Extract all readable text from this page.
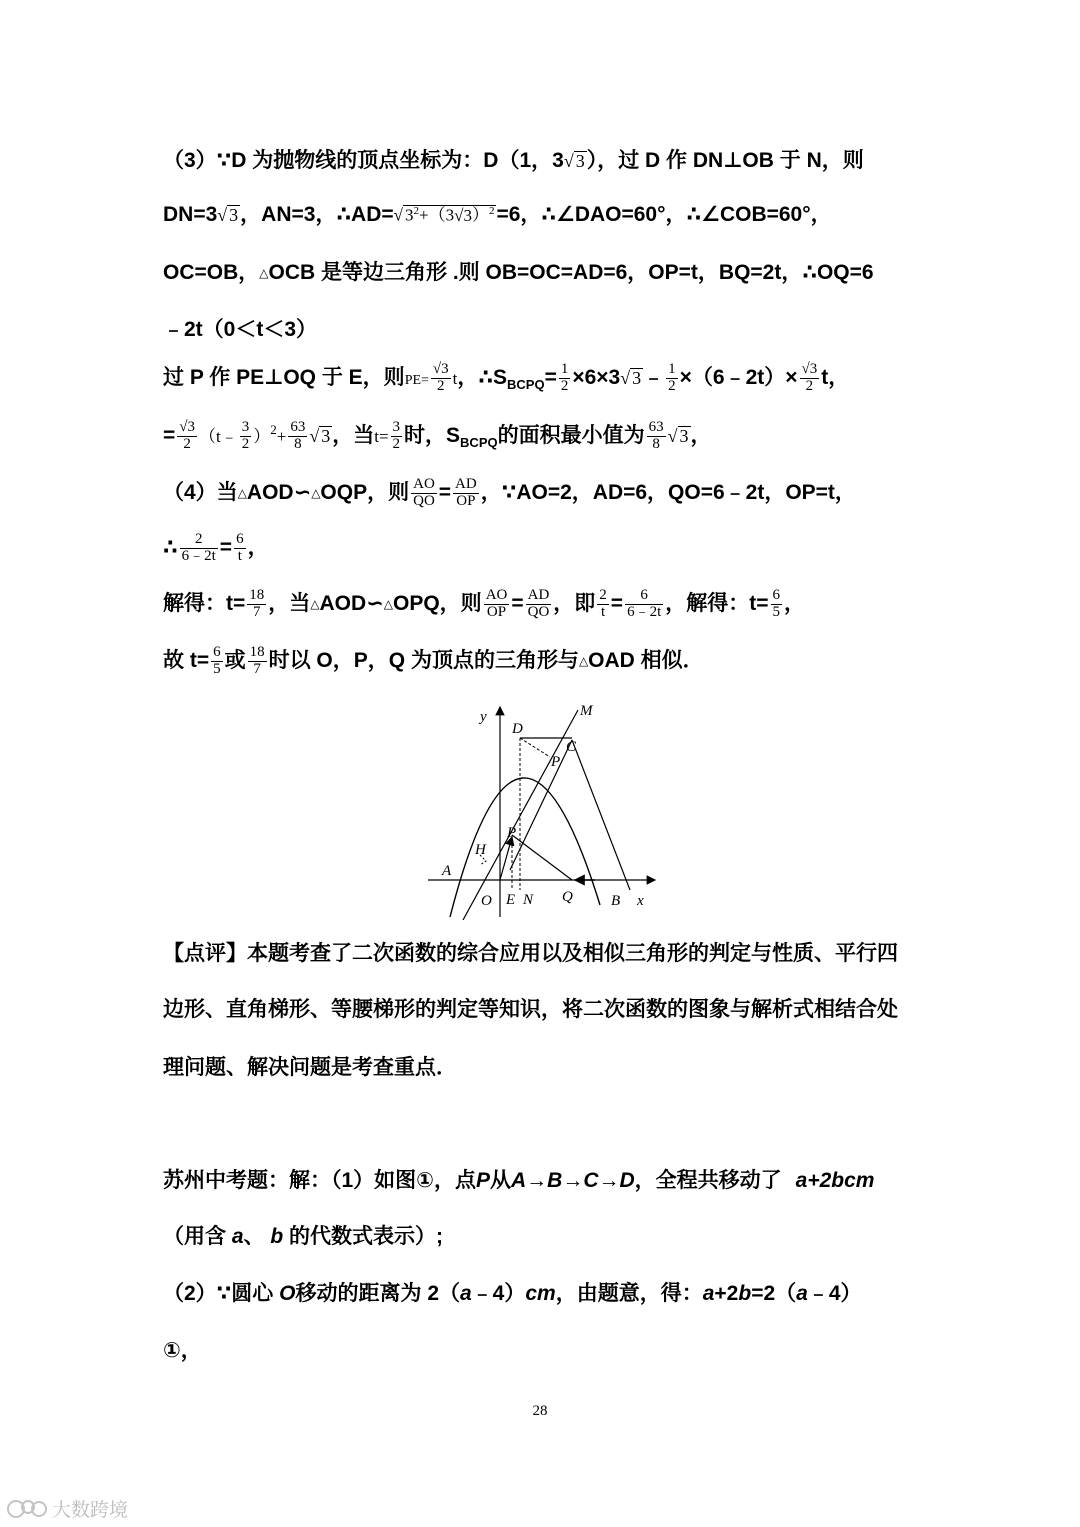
（3）∵D 为抛物线的顶点坐标为：D（1，3√ 3），过 D 作 DN⊥OB 于 N，则
DN=3√ 3，AN=3，∴AD=√ $3^2+(3√3)^2=6$，∴∠DAO=60°，∴∠COB=60°，
OC=OB，△OCB 是等边三角形 .则 OB=OC=AD=6，OP=t，BQ=2t，∴OQ=6
﹣2t（0＜t＜3）
过 P 作 PE⊥OQ 于 E，则$PE= \frac{√3}{2}$ t，$\therefore S_{BCPQ}= \frac{1}{2} \times 6\times 3√$ 3﹣ $\frac{1}{2}$ ×（6﹣2t）× $\frac{√3}{2}$ t，
= $\frac{√3}{2}$ （t﹣ $\frac{3}{2} )^2+ \frac{63}{8}$ √ 3，当$t= \frac{3}{2}$ 时，$S_{BCPQ}$的面积最小值为 $\frac{63}{8}$ √ 3，
（4）当△AOD∽△OQP，则 $\frac{AO}{QO} = \frac{AD}{OP}$ ，∵AO=2，AD=6，QO=6﹣2t，OP=t，
∴ $\frac{2}{6﹣2t} = \frac{6}{t}$ ，
解得：$t= \frac{18}{7}$ ，当△AOD∽△OPQ，则 $\frac{AO}{OP} = \frac{AD}{QO}$ ，即 $\frac{2}{t} = \frac{6}{6﹣2t}$ ，解得：$t= \frac{6}{5}$ ，
故 $t= \frac{6}{5}$ 或 $\frac{18}{7}$ 时以 O，P，Q 为顶点的三角形与△OAD 相似．
y	M
D
C
P
P
H
A
O E N Q	B x
【点评】本题考查了二次函数的综合应用以及相似三角形的判定与性质、平行四
边形、直角梯形、等腰梯形的判定等知识，将二次函数的图象与解析式相结合处
理问题、解决问题是考查重点．
苏州中考题：解：（1）如图①，点P从A→B→C→D，全程共移动了 a+2bcm
（用含 a、 b 的代数式表示）;
（2）∵圆心 O移动的距离为 2（a﹣4）cm，由题意，得：a+2b=2（a﹣4）
①，
28
大数跨境
